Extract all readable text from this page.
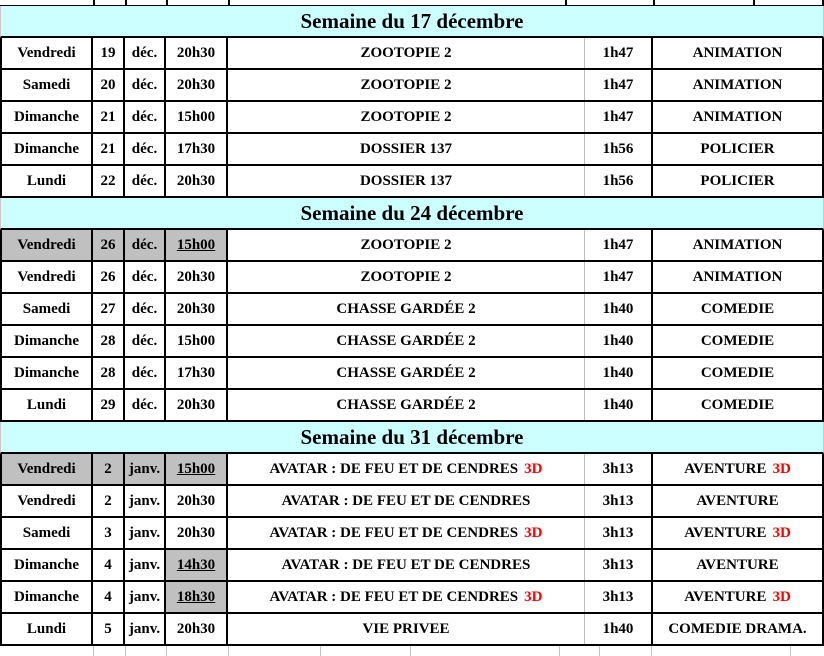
Semaine du 17 décembre
Vendredi 19 déc. 20h30	ZOOTOPIE 2	1h47	ANIMATION
Samedi 20 déc. 20h30	ZOOTOPIE 2	1h47	ANIMATION
Dimanche 21 déc. 15h00	ZOOTOPIE 2	1h47	ANIMATION
Dimanche 21 déc. 17h30	DOSSIER 137	1h56	POLICIER
Lundi 22 déc. 20h30	DOSSIER 137	1h56	POLICIER
Semaine du 24 décembre
Vendredi 26 déc. 15h00	ZOOTOPIE 2	1h47	ANIMATION
Vendredi 26 déc. 20h30	ZOOTOPIE 2	1h47	ANIMATION
Samedi 27 déc. 20h30	CHASSE GARDÉE 2	1h40	COMEDIE
Dimanche 28 déc. 15h00	CHASSE GARDÉE 2	1h40	COMEDIE
Dimanche 28 déc. 17h30	CHASSE GARDÉE 2	1h40	COMEDIE
Lundi 29 déc. 20h30	CHASSE GARDÉE 2	1h40	COMEDIE
Semaine du 31 décembre
Vendredi 2 janv. 15h00	AVATAR : DE FEU ET DE CENDRES 3D	3h13	AVENTURE 3D
Vendredi 2 janv. 20h30	AVATAR : DE FEU ET DE CENDRES	3h13	AVENTURE
Samedi 3 janv. 20h30	AVATAR : DE FEU ET DE CENDRES 3D	3h13	AVENTURE 3D
Dimanche 4 janv. 14h30	AVATAR : DE FEU ET DE CENDRES	3h13	AVENTURE
Dimanche 4 janv. 18h30	AVATAR : DE FEU ET DE CENDRES 3D	3h13	AVENTURE 3D
Lundi	5 janv. 20h30	VIE PRIVEE	1h40 COMEDIE DRAMA.
